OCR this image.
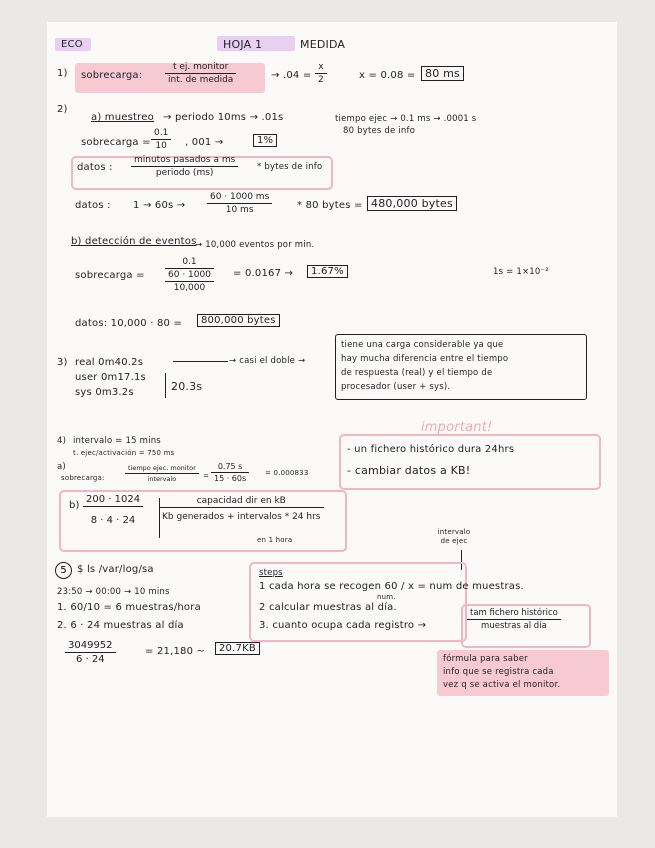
ECO	HOJA 1	MEDIDA
1) sobrecarga:
t ej. monitor
int. de medida	→ $.04 = \frac{x}{2}$	x = 0.08 = 80 ms
2)
a) muestreo → periodo 10ms → .01s	tiempo ejec → 0.1 ms → .0001 s
80 bytes de info
sobrecarga = $\frac{0.1}{10}$ , 001 →	1%
datos :
minutos pasados a ms
periodo (ms)
* bytes de info
datos : $1 \to 60s \to \frac{60 \cdot 1000 ms}{10 ms} * 80$ bytes = 480,000 bytes
b) detección de eventos
→ 10,000 eventos por min.
sobrecarga =
0.1
60 · 1000
10,000
= 0.0167 →	1.67%	1s = 1×10⁻²
datos: 10,000 · 80 =	800,000 bytes
3) real 0m40.2s
user 0m17.1s
sys 0m3.2s	20.3s
→ casi el doble →
tiene una carga considerable ya que
hay mucha diferencia entre el tiempo
de respuesta (real) y el tiempo de
procesador (user + sys).
4) intervalo = 15 mins
t. ejec/activación = 750 ms
a)
sobrecarga:
tiempo ejec. monitor
intervalo	= $\frac{0.75 s}{15 \cdot 60s} = 0.000833$
important!
- un fichero histórico dura 24hrs
- cambiar datos a KB!
$b) \frac{200 \cdot 1024}{8 \cdot 4 \cdot 24}$	capacidad dir en kB
Kb generados + intervalos * 24 hrs
en 1 hora
5	$ ls /var/log/sa
23:50 → 00:00 → 10 mins
1. 60/10 = 6 muestras/hora
2. 6 · 24 muestras al día
$\frac{3049952}{6 \cdot 24}$	= 21,180 ~	20.7KB
intervalo de ejec
steps
1 cada hora se recogen 60 / x = num de muestras.
num.
2 calcular muestras al día.
3. cuanto ocupa cada registro →
tam fichero histórico
muestras al día
fórmula para saber
info que se registra cada
vez q se activa el monitor.
